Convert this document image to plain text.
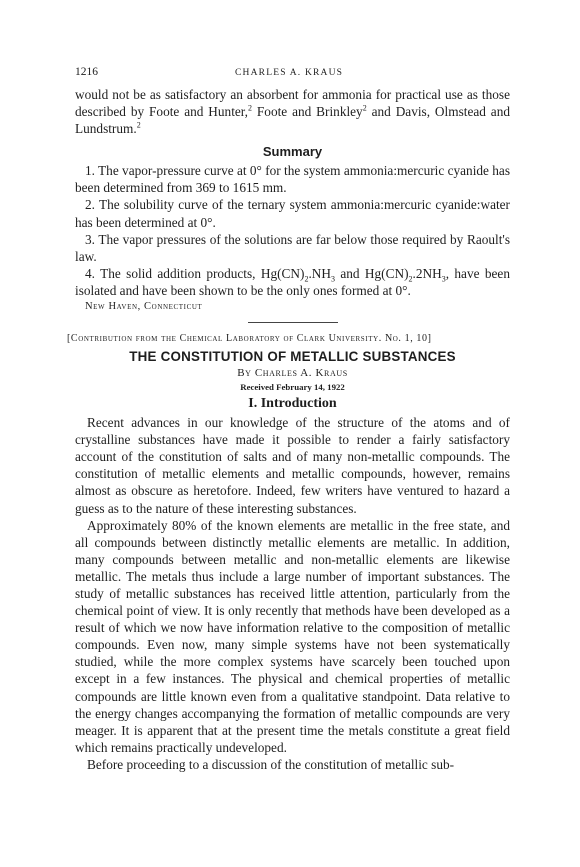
1216	CHARLES A. KRAUS

would not be as satisfactory an absorbent for ammonia for practical use as those described by Foote and Hunter,$^2$ Foote and Brinkley$^2$ and Davis, Olmstead and Lundstrum.$^2$

Summary

1. The vapor-pressure curve at 0° for the system ammonia:mercuric cyanide has been determined from 369 to 1615 mm.

2. The solubility curve of the ternary system ammonia:mercuric cyanide:water has been determined at 0°.

3. The vapor pressures of the solutions are far below those required by Raoult's law.

4. The solid addition products, $Hg(CN)_2.NH_3$ and $Hg(CN)_2.2NH_3$, have been isolated and have been shown to be the only ones formed at 0°.

New Haven, Connecticut
[Contribution from the Chemical Laboratory of Clark University. No. 1, 10]
THE CONSTITUTION OF METALLIC SUBSTANCES
By Charles A. Kraus
Received February 14, 1922
I. Introduction

Recent advances in our knowledge of the structure of the atoms and of crystalline substances have made it possible to render a fairly satisfactory account of the constitution of salts and of many non-metallic compounds. The constitution of metallic elements and metallic compounds, however, remains almost as obscure as heretofore. Indeed, few writers have ventured to hazard a guess as to the nature of these interesting substances.

Approximately 80% of the known elements are metallic in the free state, and all compounds between distinctly metallic elements are metallic. In addition, many compounds between metallic and non-metallic elements are likewise metallic. The metals thus include a large number of important substances. The study of metallic substances has received little attention, particularly from the chemical point of view. It is only recently that methods have been developed as a result of which we now have information relative to the composition of metallic compounds. Even now, many simple systems have not been systematically studied, while the more complex systems have scarcely been touched upon except in a few instances. The physical and chemical properties of metallic compounds are little known even from a qualitative standpoint. Data relative to the energy changes accompanying the formation of metallic compounds are very meager. It is apparent that at the present time the metals constitute a great field which remains practically undeveloped.

Before proceeding to a discussion of the constitution of metallic sub-
